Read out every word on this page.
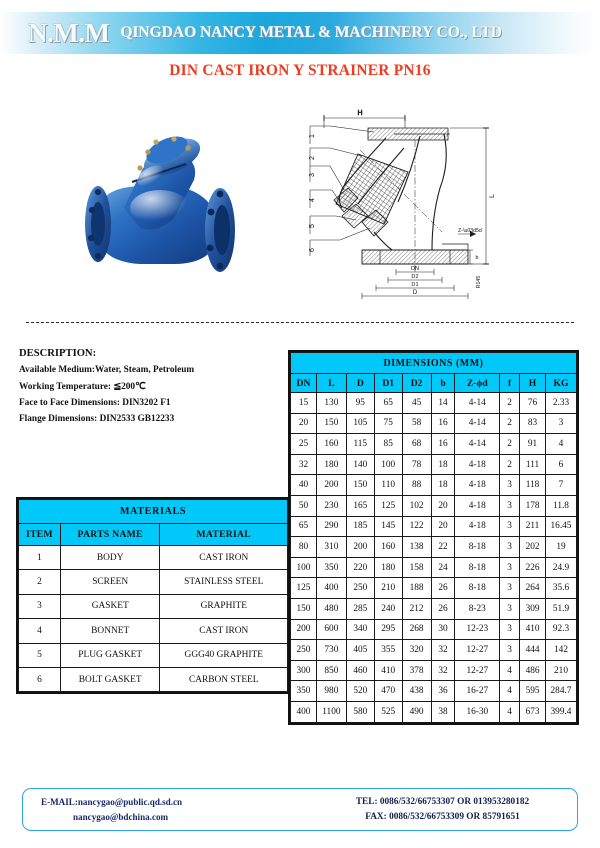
N.M.M QINGDAO NANCY METAL & MACHINERY CO., LTD
DIN CAST IRON Y STRAINER PN16
H
1
2
3
4
5
6
L
DN
D2
D1
D
Z-\u03d5d
b
R145
DESCRIPTION:
Available Medium:Water, Steam, Petroleum
Working Temperature: ≦200℃
Face to Face Dimensions: DIN3202 F1
Flange Dimensions: DIN2533 GB12233
MATERIALS		
ITEM	PARTS NAME	MATERIAL
1	BODY	CAST IRON
2	SCREEN	STAINLESS STEEL
3	GASKET	GRAPHITE
4	BONNET	CAST IRON
5	PLUG GASKET	GGG40 GRAPHITE
6	BOLT GASKET	CARBON STEEL
DIMENSIONS (MM)									
DN	L	D	D1	D2	b	Z-ϕd	f	H	KG
15	130	95	65	45	14	4-14	2	76	2.33
20	150	105	75	58	16	4-14	2	83	3
25	160	115	85	68	16	4-14	2	91	4
32	180	140	100	78	18	4-18	2	111	6
40	200	150	110	88	18	4-18	3	118	7
50	230	165	125	102	20	4-18	3	178	11.8
65	290	185	145	122	20	4-18	3	211	16.45
80	310	200	160	138	22	8-18	3	202	19
100	350	220	180	158	24	8-18	3	226	24.9
125	400	250	210	188	26	8-18	3	264	35.6
150	480	285	240	212	26	8-23	3	309	51.9
200	600	340	295	268	30	12-23	3	410	92.3
250	730	405	355	320	32	12-27	3	444	142
300	850	460	410	378	32	12-27	4	486	210
350	980	520	470	438	36	16-27	4	595	284.7
400	1100	580	525	490	38	16-30	4	673	399.4
E-MAIL:nancygao@public.qd.sd.cn
nancygao@bdchina.com
TEL: 0086/532/66753307 OR 013953280182
FAX: 0086/532/66753309 OR 85791651
